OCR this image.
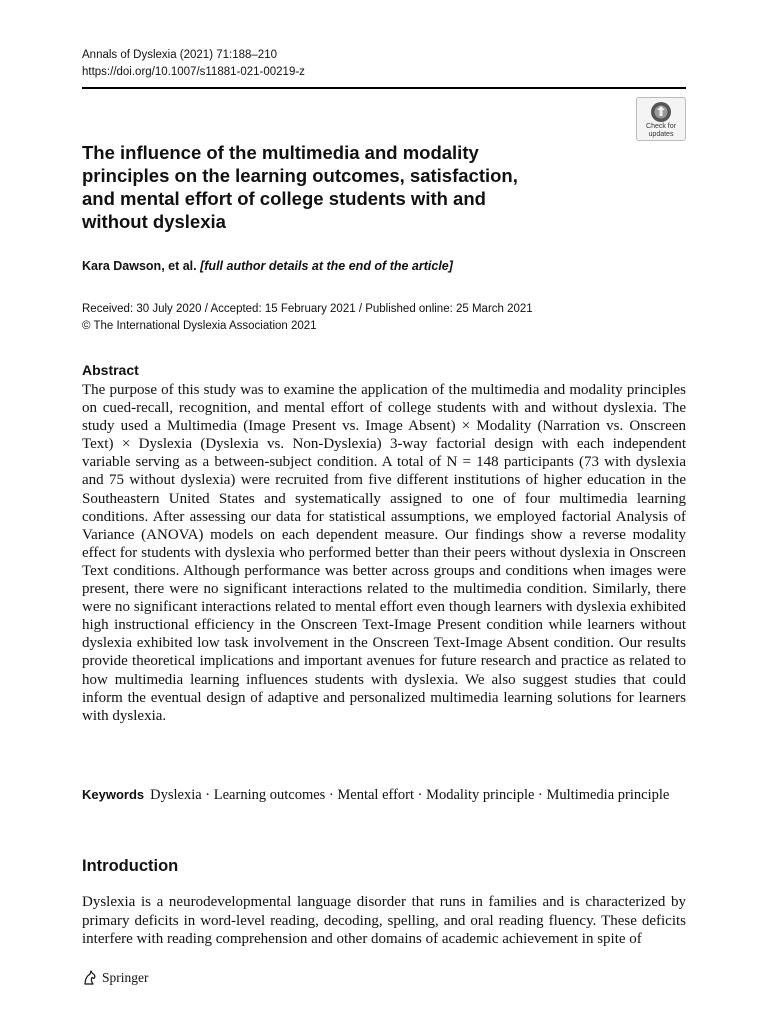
Annals of Dyslexia (2021) 71:188–210
https://doi.org/10.1007/s11881-021-00219-z
Check for
updates
The influence of the multimedia and modality principles on the learning outcomes, satisfaction, and mental effort of college students with and without dyslexia
Kara Dawson, et al. [full author details at the end of the article]
Received: 30 July 2020 / Accepted: 15 February 2021 / Published online: 25 March 2021
© The International Dyslexia Association 2021
Abstract

The purpose of this study was to examine the application of the multimedia and modality principles on cued-recall, recognition, and mental effort of college students with and without dyslexia. The study used a Multimedia (Image Present vs. Image Absent) × Modality (Narration vs. Onscreen Text) × Dyslexia (Dyslexia vs. Non-Dyslexia) 3-way factorial design with each independent variable serving as a between-subject condition. A total of N = 148 participants (73 with dyslexia and 75 without dyslexia) were recruited from five different institutions of higher education in the Southeastern United States and systematically assigned to one of four multimedia learning conditions. After assessing our data for statistical assumptions, we employed factorial Analysis of Variance (ANOVA) models on each dependent measure. Our findings show a reverse modality effect for students with dyslexia who performed better than their peers without dyslexia in Onscreen Text conditions. Although performance was better across groups and conditions when images were present, there were no significant interactions related to the multimedia condition. Similarly, there were no significant interactions related to mental effort even though learners with dyslexia exhibited high instructional efficiency in the Onscreen Text-Image Present condition while learners without dyslexia exhibited low task involvement in the Onscreen Text-Image Absent condition. Our results provide theoretical implications and important avenues for future research and practice as related to how multimedia learning influences students with dyslexia. We also suggest studies that could inform the eventual design of adaptive and personalized multimedia learning solutions for learners with dyslexia.

Keywords Dyslexia · Learning outcomes · Mental effort · Modality principle · Multimedia principle
Introduction

Dyslexia is a neurodevelopmental language disorder that runs in families and is characterized by primary deficits in word-level reading, decoding, spelling, and oral reading fluency. These deficits interfere with reading comprehension and other domains of academic achievement in spite of

Springer
